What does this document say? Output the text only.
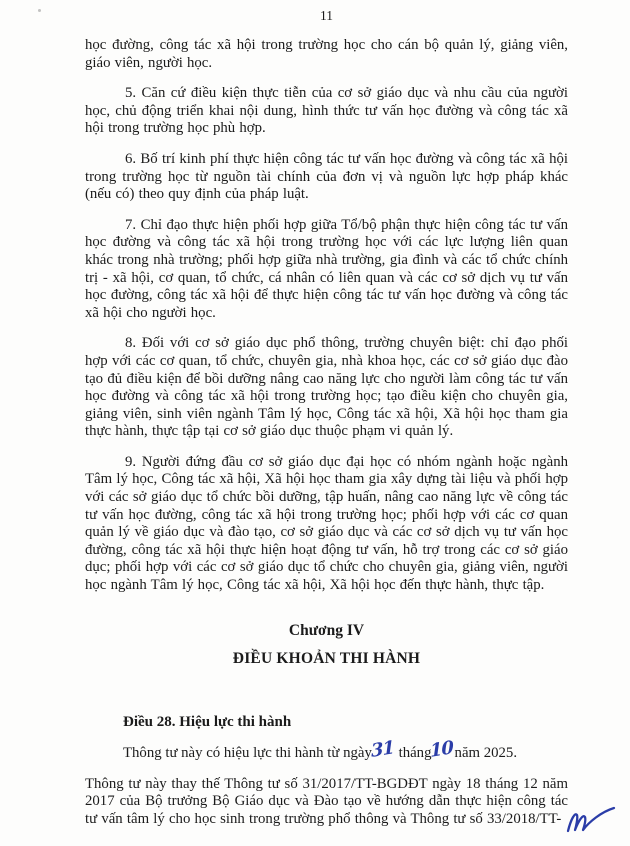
11

học đường, công tác xã hội trong trường học cho cán bộ quản lý, giảng viên, giáo viên, người học.

5. Căn cứ điều kiện thực tiễn của cơ sở giáo dục và nhu cầu của người học, chủ động triển khai nội dung, hình thức tư vấn học đường và công tác xã hội trong trường học phù hợp.

6. Bố trí kinh phí thực hiện công tác tư vấn học đường và công tác xã hội trong trường học từ nguồn tài chính của đơn vị và nguồn lực hợp pháp khác (nếu có) theo quy định của pháp luật.

7. Chỉ đạo thực hiện phối hợp giữa Tổ/bộ phận thực hiện công tác tư vấn học đường và công tác xã hội trong trường học với các lực lượng liên quan khác trong nhà trường; phối hợp giữa nhà trường, gia đình và các tổ chức chính trị - xã hội, cơ quan, tổ chức, cá nhân có liên quan và các cơ sở dịch vụ tư vấn học đường, công tác xã hội để thực hiện công tác tư vấn học đường và công tác xã hội cho người học.

8. Đối với cơ sở giáo dục phổ thông, trường chuyên biệt: chỉ đạo phối hợp với các cơ quan, tổ chức, chuyên gia, nhà khoa học, các cơ sở giáo dục đào tạo đủ điều kiện để bồi dưỡng nâng cao năng lực cho người làm công tác tư vấn học đường và công tác xã hội trong trường học; tạo điều kiện cho chuyên gia, giảng viên, sinh viên ngành Tâm lý học, Công tác xã hội, Xã hội học tham gia thực hành, thực tập tại cơ sở giáo dục thuộc phạm vi quản lý.

9. Người đứng đầu cơ sở giáo dục đại học có nhóm ngành hoặc ngành Tâm lý học, Công tác xã hội, Xã hội học tham gia xây dựng tài liệu và phối hợp với các sở giáo dục tổ chức bồi dưỡng, tập huấn, nâng cao năng lực về công tác tư vấn học đường, công tác xã hội trong trường học; phối hợp với các cơ quan quản lý về giáo dục và đào tạo, cơ sở giáo dục và các cơ sở dịch vụ tư vấn học đường, công tác xã hội thực hiện hoạt động tư vấn, hỗ trợ trong các cơ sở giáo dục; phối hợp với các cơ sở giáo dục tổ chức cho chuyên gia, giảng viên, người học ngành Tâm lý học, Công tác xã hội, Xã hội học đến thực hành, thực tập.

Chương IV
ĐIỀU KHOẢN THI HÀNH

Điều 28. Hiệu lực thi hành

Thông tư này có hiệu lực thi hành từ ngày31 tháng10năm 2025.

Thông tư này thay thế Thông tư số 31/2017/TT-BGDĐT ngày 18 tháng 12 năm 2017 của Bộ trưởng Bộ Giáo dục và Đào tạo về hướng dẫn thực hiện công tác tư vấn tâm lý cho học sinh trong trường phổ thông và Thông tư số 33/2018/TT-
